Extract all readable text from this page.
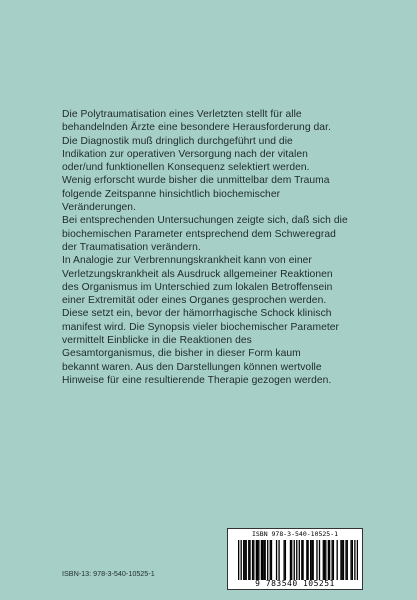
Die Polytraumatisation eines Verletzten stellt für alle
behandelnden Ärzte eine besondere Herausforderung dar.
Die Diagnostik muß dringlich durchgeführt und die
Indikation zur operativen Versorgung nach der vitalen
oder/und funktionellen Konsequenz selektiert werden.
Wenig erforscht wurde bisher die unmittelbar dem Trauma
folgende Zeitspanne hinsichtlich biochemischer
Veränderungen.
Bei entsprechenden Untersuchungen zeigte sich, daß sich die
biochemischen Parameter entsprechend dem Schweregrad
der Traumatisation verändern.
In Analogie zur Verbrennungskrankheit kann von einer
Verletzungskrankheit als Ausdruck allgemeiner Reaktionen
des Organismus im Unterschied zum lokalen Betroffensein
einer Extremität oder eines Organes gesprochen werden.
Diese setzt ein, bevor der hämorrhagische Schock klinisch
manifest wird. Die Synopsis vieler biochemischer Parameter
vermittelt Einblicke in die Reaktionen des
Gesamtorganismus, die bisher in dieser Form kaum
bekannt waren. Aus den Darstellungen können wertvolle
Hinweise für eine resultierende Therapie gezogen werden.
ISBN-13: 978-3-540-10525-1
ISBN 978-3-540-10525-1
9 783540 105251
